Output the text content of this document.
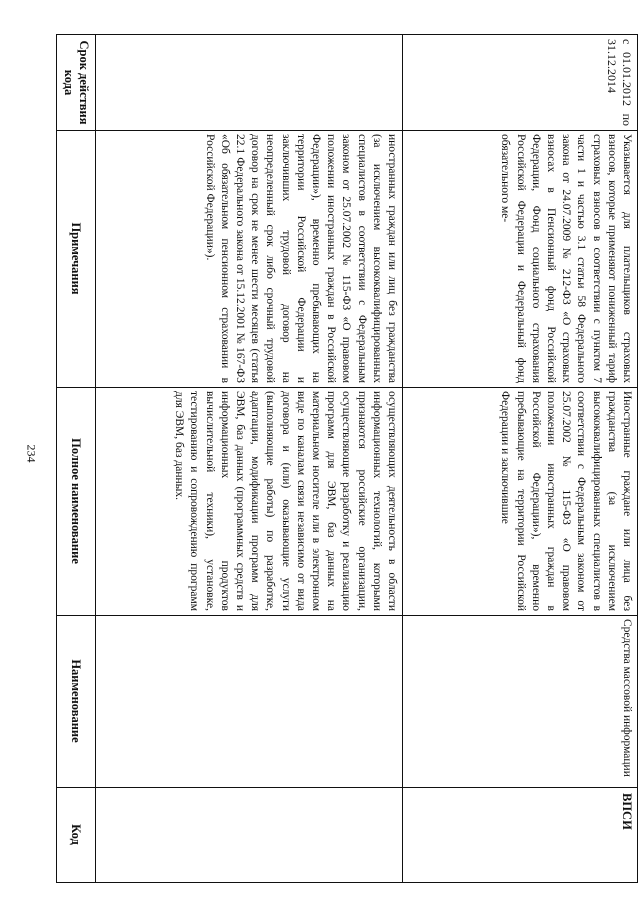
234
Срок действия кода
Примечания
Полное наименование
Наименование
Код
иностранных граждан или лиц без гражданства (за исключением высококвалифицированных специалистов в соответствии с Федеральным законом от 25.07.2002 № 115-ФЗ «О правовом положении иностранных граждан в Российской Федерации»), временно пребывающих на территории Российской Федерации и заключивших трудовой договор на неопределенный срок либо срочный трудовой договор на срок не менее шести месяцев (статья 22.1 Федерального закона от 15.12.2001 № 167-ФЗ «Об обязательном пенсионном страховании в Российской Федерации»).
осуществляющих деятельность в области информационных технологий, которыми признаются российские организации, осуществляющие разработку и реализацию программ для ЭВМ, баз данных на материальном носителе или в электронном виде по каналам связи независимо от вида договора и (или) оказывающие услуги (выполняющие работы) по разработке, адаптации, модификации программ для ЭВМ, баз данных (программных средств и информационных продуктов вычислительной техники), установке, тестированию и сопровождению программ для ЭВМ, баз данных.
с 01.01.2012 по 31.12.2014
Указывается для плательщиков страховых взносов, которые применяют пониженный тариф страховых взносов в соответствии с пунктом 7 части 1 и частью 3.1 статьи 58 Федерального закона от 24.07.2009 № 212-ФЗ «О страховых взносах в Пенсионный фонд Российской Федерации, Фонд социального страхования Российской Федерации и Федеральный фонд обязательного ме-
Иностранные граждане или лица без гражданства (за исключением высококвалифицированных специалистов в соответствии с Федеральным законом от 25.07.2002 № 115-ФЗ «О правовом положении иностранных граждан в Российской Федерации»), временно пребывающие на территории Российской Федерации и заключившие
Средства массовой информации
ВПСИ
